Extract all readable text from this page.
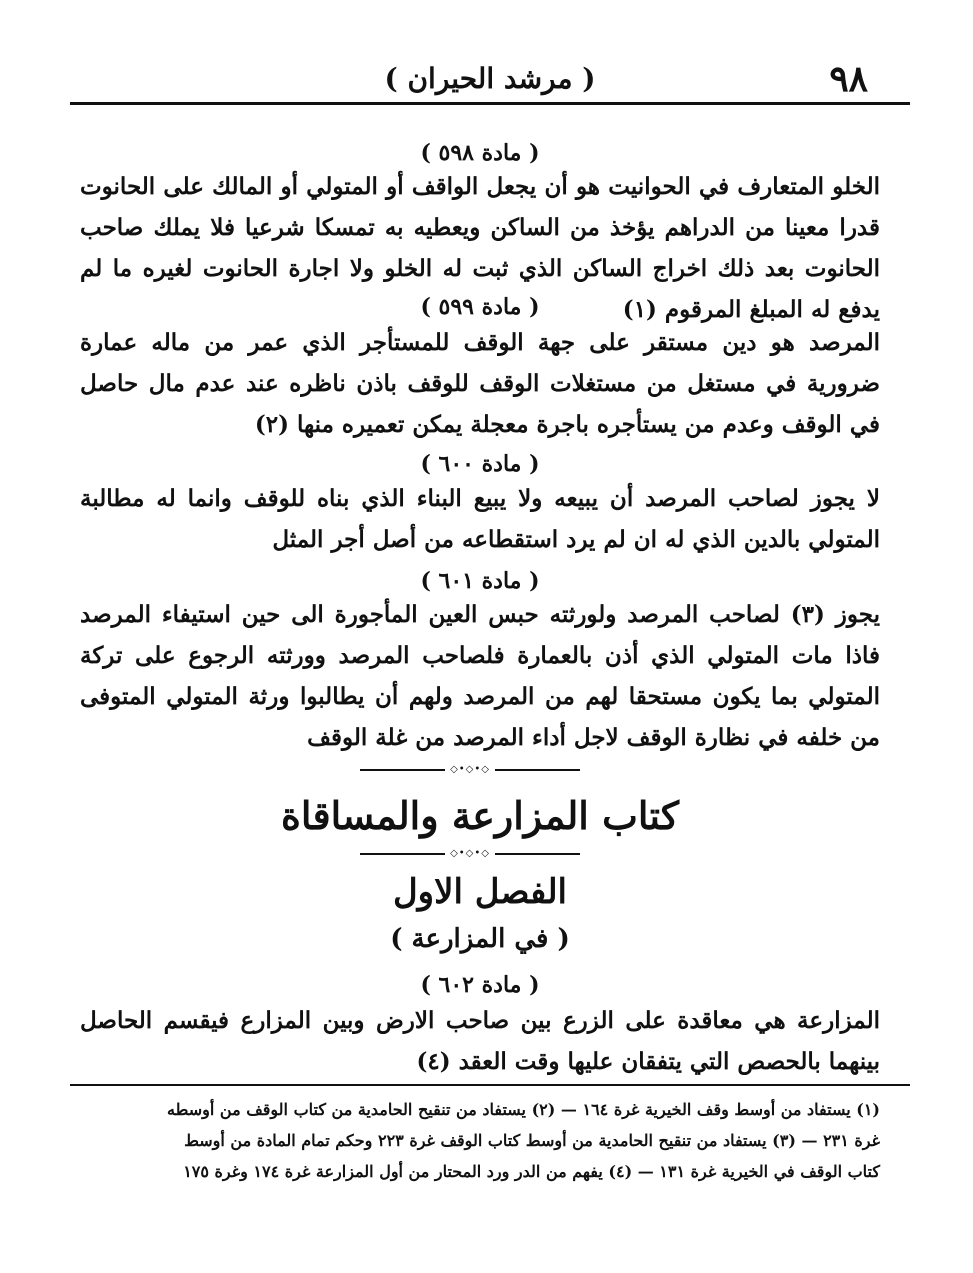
٩٨
( مرشد الحيران )
( مادة ٥٩٨ )
الخلو المتعارف في الحوانيت هو أن يجعل الواقف أو المتولي أو المالك على الحانوت قدرا معينا من الدراهم يؤخذ من الساكن ويعطيه به تمسكا شرعيا فلا يملك صاحب الحانوت بعد ذلك اخراج الساكن الذي ثبت له الخلو ولا اجارة الحانوت لغيره ما لم يدفع له المبلغ المرقوم (١)
( مادة ٥٩٩ )
المرصد هو دين مستقر على جهة الوقف للمستأجر الذي عمر من ماله عمارة ضرورية في مستغل من مستغلات الوقف للوقف باذن ناظره عند عدم مال حاصل في الوقف وعدم من يستأجره باجرة معجلة يمكن تعميره منها (٢)
( مادة ٦٠٠ )
لا يجوز لصاحب المرصد أن يبيعه ولا يبيع البناء الذي بناه للوقف وانما له مطالبة المتولي بالدين الذي له ان لم يرد استقطاعه من أصل أجر المثل
( مادة ٦٠١ )
يجوز (٣) لصاحب المرصد ولورثته حبس العين المأجورة الى حين استيفاء المرصد فاذا مات المتولي الذي أذن بالعمارة فلصاحب المرصد وورثته الرجوع على تركة المتولي بما يكون مستحقا لهم من المرصد ولهم أن يطالبوا ورثة المتولي المتوفى من خلفه في نظارة الوقف لاجل أداء المرصد من غلة الوقف
◇•◇•◇
كتاب المزارعة والمساقاة
◇•◇•◇
الفصل الاول
( في المزارعة )
( مادة ٦٠٢ )
المزارعة هي معاقدة على الزرع بين صاحب الارض وبين المزارع فيقسم الحاصل بينهما بالحصص التي يتفقان عليها وقت العقد (٤)
(١) يستفاد من أوسط وقف الخيرية غرة ١٦٤ — (٢) يستفاد من تنقيح الحامدية من كتاب الوقف من أوسطه
غرة ٢٣١ — (٣) يستفاد من تنقيح الحامدية من أوسط كتاب الوقف غرة ٢٢٣ وحكم تمام المادة من أوسط
كتاب الوقف في الخيرية غرة ١٣١ — (٤) يفهم من الدر ورد المحتار من أول المزارعة غرة ١٧٤ وغرة ١٧٥
